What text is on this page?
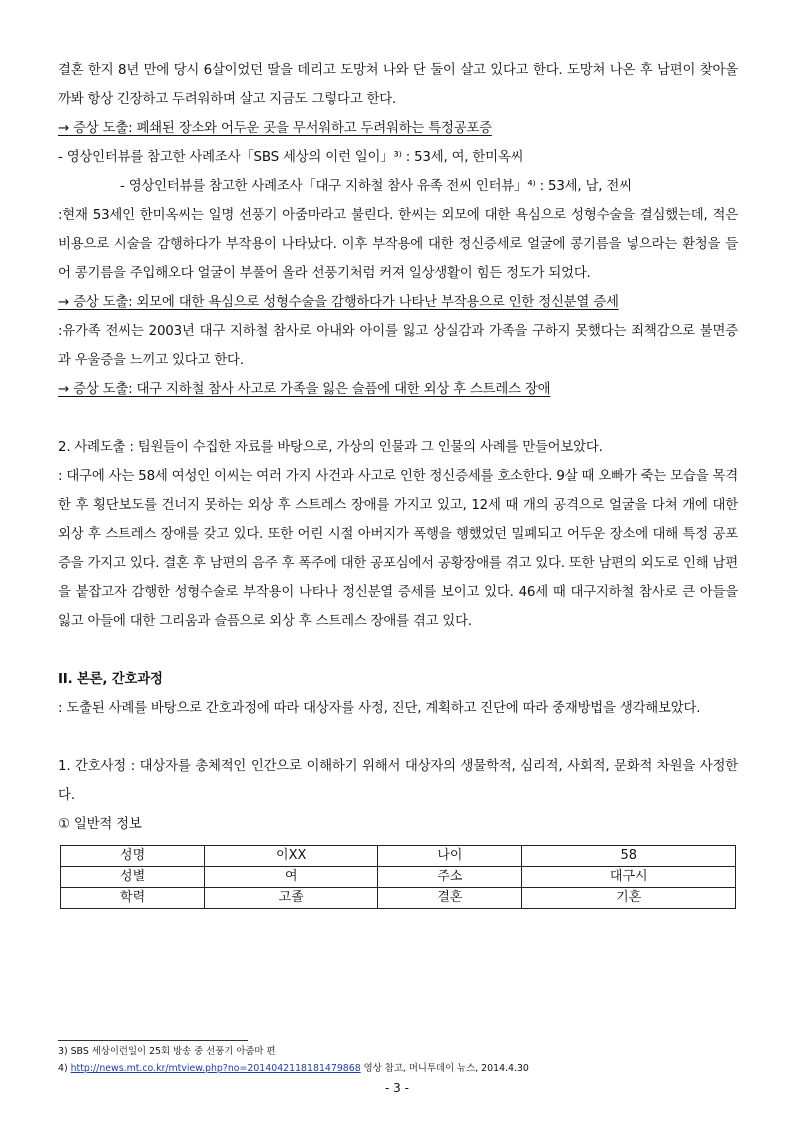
결혼 한지 8년 만에 당시 6살이었던 딸을 데리고 도망쳐 나와 단 둘이 살고 있다고 한다. 도망쳐 나온 후 남편이 찾아올까봐 항상 긴장하고 두려워하며 살고 지금도 그렇다고 한다.

→ 증상 도출: 폐쇄된 장소와 어두운 곳을 무서워하고 두려워하는 특정공포증

- 영상인터뷰를 참고한 사례조사「SBS 세상의 이런 일이」³⁾ : 53세, 여, 한미옥씨

- 영상인터뷰를 참고한 사례조사「대구 지하철 참사 유족 전씨 인터뷰」⁴⁾ : 53세, 남, 전씨

:현재 53세인 한미옥씨는 일명 선풍기 아줌마라고 불린다. 한씨는 외모에 대한 욕심으로 성형수술을 결심했는데, 적은 비용으로 시술을 감행하다가 부작용이 나타났다. 이후 부작용에 대한 정신증세로 얼굴에 콩기름을 넣으라는 환청을 들어 콩기름을 주입해오다 얼굴이 부풀어 올라 선풍기처럼 커져 일상생활이 힘든 정도가 되었다.

→ 증상 도출: 외모에 대한 욕심으로 성형수술을 감행하다가 나타난 부작용으로 인한 정신분열 증세

:유가족 전씨는 2003년 대구 지하철 참사로 아내와 아이를 잃고 상실감과 가족을 구하지 못했다는 죄책감으로 불면증과 우울증을 느끼고 있다고 한다.

→ 증상 도출: 대구 지하철 참사 사고로 가족을 잃은 슬픔에 대한 외상 후 스트레스 장애

2. 사례도출 : 팀원들이 수집한 자료를 바탕으로, 가상의 인물과 그 인물의 사례를 만들어보았다.

: 대구에 사는 58세 여성인 이씨는 여러 가지 사건과 사고로 인한 정신증세를 호소한다. 9살 때 오빠가 죽는 모습을 목격한 후 횡단보도를 건너지 못하는 외상 후 스트레스 장애를 가지고 있고, 12세 때 개의 공격으로 얼굴을 다쳐 개에 대한 외상 후 스트레스 장애를 갖고 있다. 또한 어린 시절 아버지가 폭행을 행했었던 밀폐되고 어두운 장소에 대해 특정 공포증을 가지고 있다. 결혼 후 남편의 음주 후 폭주에 대한 공포심에서 공황장애를 겪고 있다. 또한 남편의 외도로 인해 남편을 붙잡고자 감행한 성형수술로 부작용이 나타나 정신분열 증세를 보이고 있다. 46세 때 대구지하철 참사로 큰 아들을 잃고 아들에 대한 그리움과 슬픔으로 외상 후 스트레스 장애를 겪고 있다.

II. 본론, 간호과정

: 도출된 사례를 바탕으로 간호과정에 따라 대상자를 사정, 진단, 계획하고 진단에 따라 중재방법을 생각해보았다.

1. 간호사정 : 대상자를 총체적인 인간으로 이해하기 위해서 대상자의 생물학적, 심리적, 사회적, 문화적 차원을 사정한다.

① 일반적 정보

성명	이XX	나이	58
성별	여	주소	대구시
학력	고졸	결혼	기혼
3) SBS 세상이런일이 25회 방송 중 선풍기 아줌마 편
4) http://news.mt.co.kr/mtview.php?no=2014042118181479868 영상 참고, 머니투데이 뉴스, 2014.4.30
- 3 -
